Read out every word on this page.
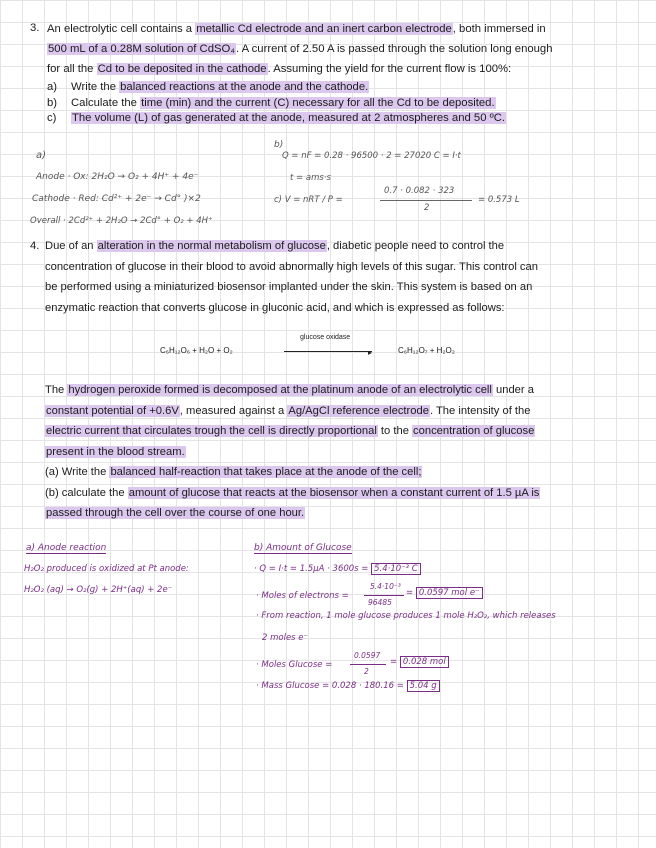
3. An electrolytic cell contains a metallic Cd electrode and an inert carbon electrode, both immersed in
500 mL of a 0.28M solution of CdSO₄. A current of 2.50 A is passed through the solution long enough
for all the Cd to be deposited in the cathode. Assuming the yield for the current flow is 100%:
a) Write the balanced reactions at the anode and the cathode.
b) Calculate the time (min) and the current (C) necessary for all the Cd to be deposited.
c) The volume (L) of gas generated at the anode, measured at 2 atmospheres and 50 ºC.
a)
Anode · Ox: 2H₂O → O₂ + 4H⁺ + 4e⁻
Cathode · Red: Cd²⁺ + 2e⁻ → Cd° )×2
Overall · 2Cd²⁺ + 2H₂O → 2Cd° + O₂ + 4H⁺
b)
Q = nF = 0.28 · 96500 · 2 = 27020 C = I·t
t = ams·s
c) V = nRT / P =
0.7 · 0.082 · 323
2
= 0.573 L
4. Due of an alteration in the normal metabolism of glucose, diabetic people need to control the
concentration of glucose in their blood to avoid abnormally high levels of this sugar. This control can
be performed using a miniaturized biosensor implanted under the skin. This system is based on an
enzymatic reaction that converts glucose in gluconic acid, and which is expressed as follows:
C₆H₁₂O₆ + H₂O + O₂
glucose oxidase
▸	C₆H₁₂O₇ + H₂O₂
The hydrogen peroxide formed is decomposed at the platinum anode of an electrolytic cell under a
constant potential of +0.6V, measured against a Ag/AgCl reference electrode. The intensity of the
electric current that circulates trough the cell is directly proportional to the concentration of glucose
present in the blood stream.
(a) Write the balanced half-reaction that takes place at the anode of the cell;
(b) calculate the amount of glucose that reacts at the biosensor when a constant current of 1.5 µA is
passed through the cell over the course of one hour.
a) Anode reaction
H₂O₂ produced is oxidized at Pt anode:
H₂O₂ (aq) → O₂(g) + 2H⁺(aq) + 2e⁻
b) Amount of Glucose
· Q = I·t = 1.5µA · 3600s = 5.4·10⁻³ C
· Moles of electrons =
5.4·10⁻³
96485
= 0.0597 mol e⁻
· From reaction, 1 mole glucose produces 1 mole H₂O₂, which releases
2 moles e⁻
· Moles Glucose =
0.0597
2
= 0.028 mol
· Mass Glucose = 0.028 · 180.16 = 5.04 g
